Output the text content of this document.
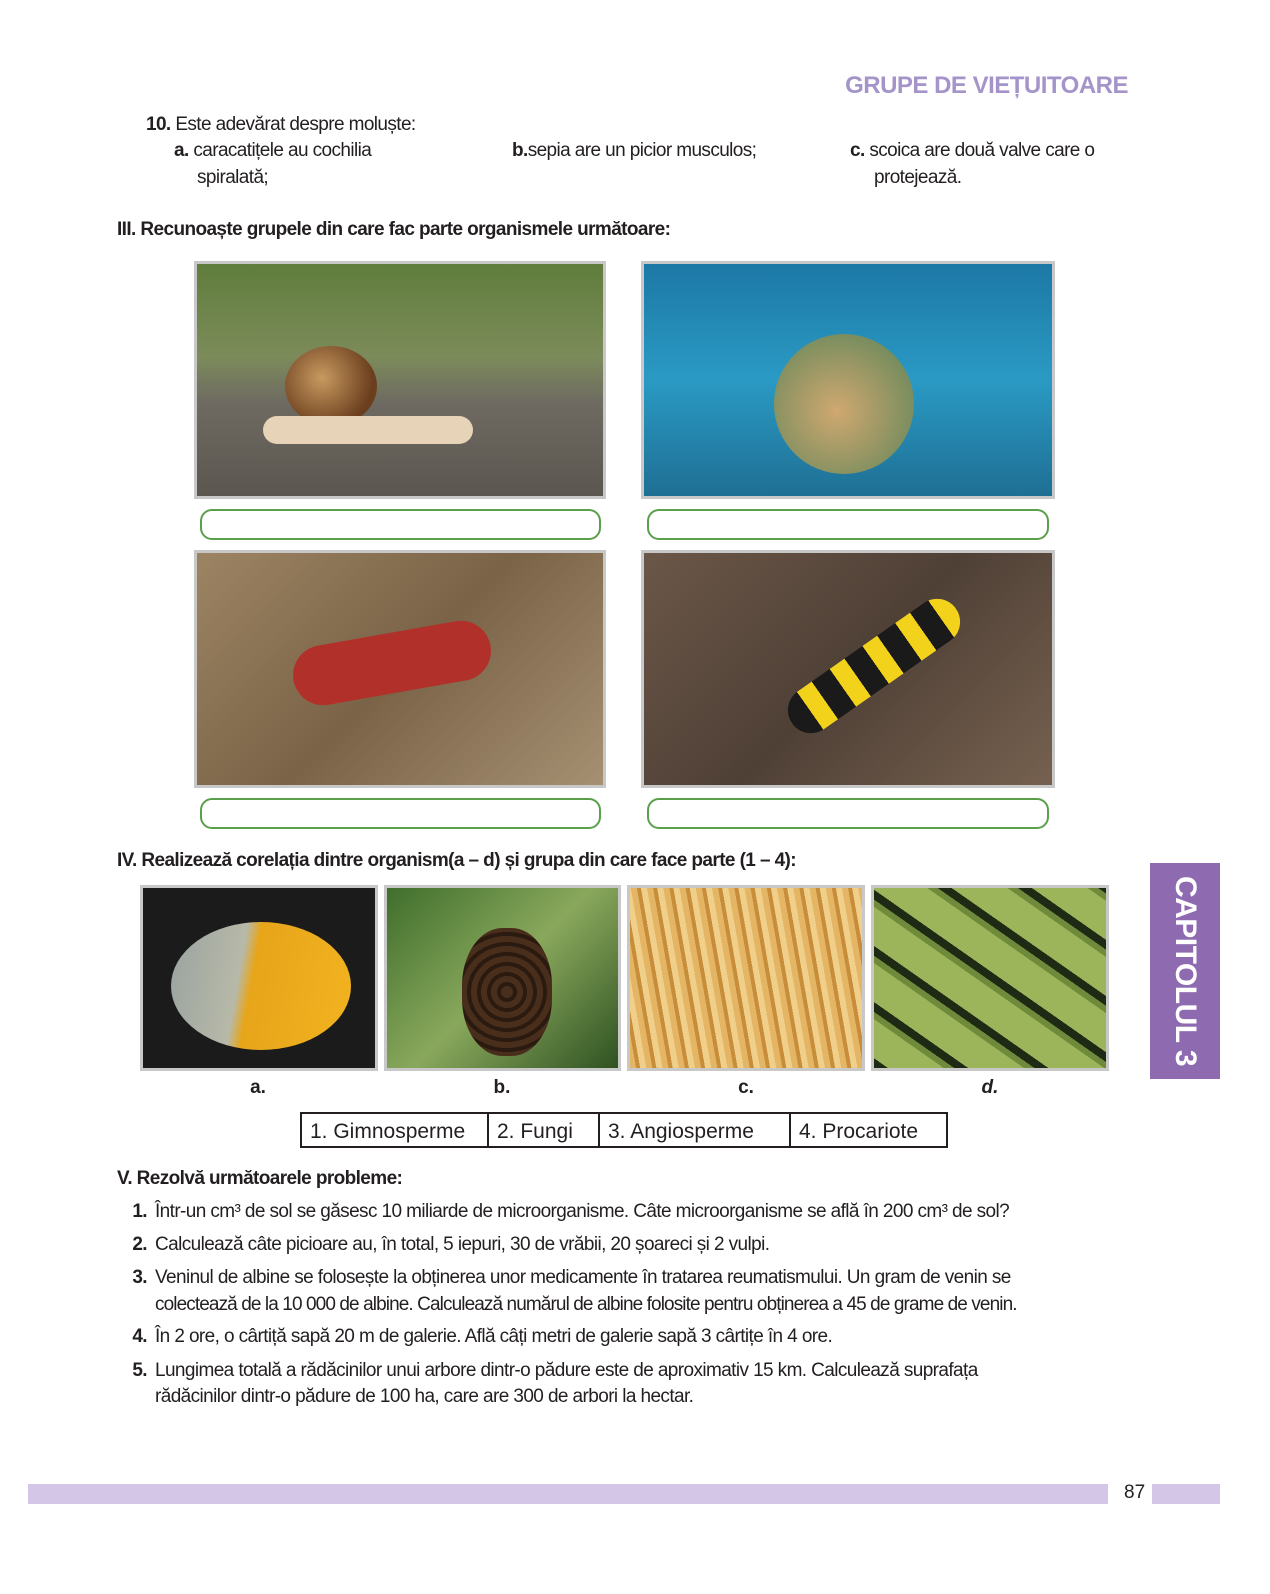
GRUPE DE VIEȚUITOARE
10. Este adevărat despre moluște:
a. caracatițele au cochilia
spiralată;
b.sepia are un picior musculos;	c. scoica are două valve care o
protejează.
III. Recunoaște grupele din care fac parte organismele următoare:
IV. Realizează corelația dintre organism(a – d) și grupa din care face parte (1 – 4):
a.	b.	c.	d.
1. Gimnosperme	2. Fungi	3. Angiosperme	4. Procariote
V. Rezolvă următoarele probleme:
1. Într-un cm³ de sol se găsesc 10 miliarde de microorganisme. Câte microorganisme se află în 200 cm³ de sol?
2. Calculează câte picioare au, în total, 5 iepuri, 30 de vrăbii, 20 șoareci și 2 vulpi.
3. Veninul de albine se folosește la obținerea unor medicamente în tratarea reumatismului. Un gram de venin se
colectează de la 10 000 de albine. Calculează numărul de albine folosite pentru obținerea a 45 de grame de venin.
4. În 2 ore, o cârtiță sapă 20 m de galerie. Află câți metri de galerie sapă 3 cârtițe în 4 ore.
5. Lungimea totală a rădăcinilor unui arbore dintr-o pădure este de aproximativ 15 km. Calculează suprafața
rădăcinilor dintr-o pădure de 100 ha, care are 300 de arbori la hectar.
CAPITOLUL 3
87
